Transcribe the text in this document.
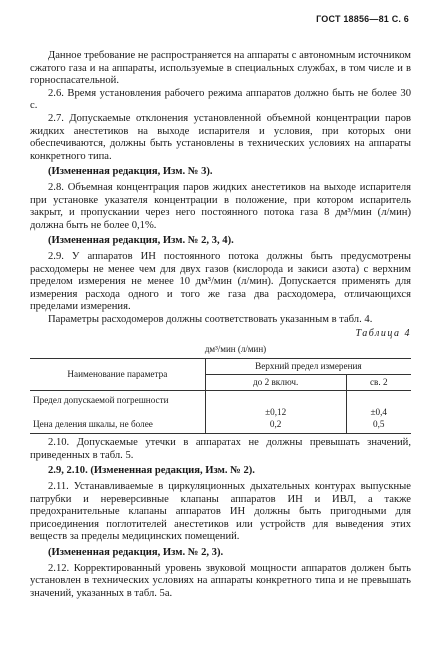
ГОСТ 18856—81 С. 6

Данное требование не распространяется на аппараты с автономным источником сжатого газа и на аппараты, используемые в специальных службах, в том числе и в горноспасательной.

2.6. Время установления рабочего режима аппаратов должно быть не более 30 с.

2.7. Допускаемые отклонения установленной объемной концентрации паров жидких анестетиков на выходе испарителя и условия, при которых они обеспечиваются, должны быть установлены в технических условиях на аппараты конкретного типа.

(Измененная редакция, Изм. № 3).

2.8. Объемная концентрация паров жидких анестетиков на выходе испарителя при установке указателя концентрации в положение, при котором испаритель закрыт, и пропускании через него постоянного потока газа 8 дм³/мин (л/мин) должна быть не более 0,1%.

(Измененная редакция, Изм. № 2, 3, 4).

2.9. У аппаратов ИН постоянного потока должны быть предусмотрены расходомеры не менее чем для двух газов (кислорода и закиси азота) с верхним пределом измерения не менее 10 дм³/мин (л/мин). Допускается применять для измерения расхода одного и того же газа два расходомера, отличающихся пределами измерения.

Параметры расходомеров должны соответствовать указанным в табл. 4.

Таблица 4
дм³/мин (л/мин)
Наименование параметра	Верхний предел измерения	
	до 2 включ.	св. 2
Предел допускаемой погрешности	±0,12	±0,4
Цена деления шкалы, не более	0,2	0,5

2.10. Допускаемые утечки в аппаратах не должны превышать значений, приведенных в табл. 5.

2.9, 2.10. (Измененная редакция, Изм. № 2).

2.11. Устанавливаемые в циркуляционных дыхательных контурах выпускные патрубки и нереверсивные клапаны аппаратов ИН и ИВЛ, а также предохранительные клапаны аппаратов ИН должны быть пригодными для присоединения поглотителей анестетиков или устройств для выведения этих веществ за пределы медицинских помещений.

(Измененная редакция, Изм. № 2, 3).

2.12. Корректированный уровень звуковой мощности аппаратов должен быть установлен в технических условиях на аппараты конкретного типа и не превышать значений, указанных в табл. 5а.
